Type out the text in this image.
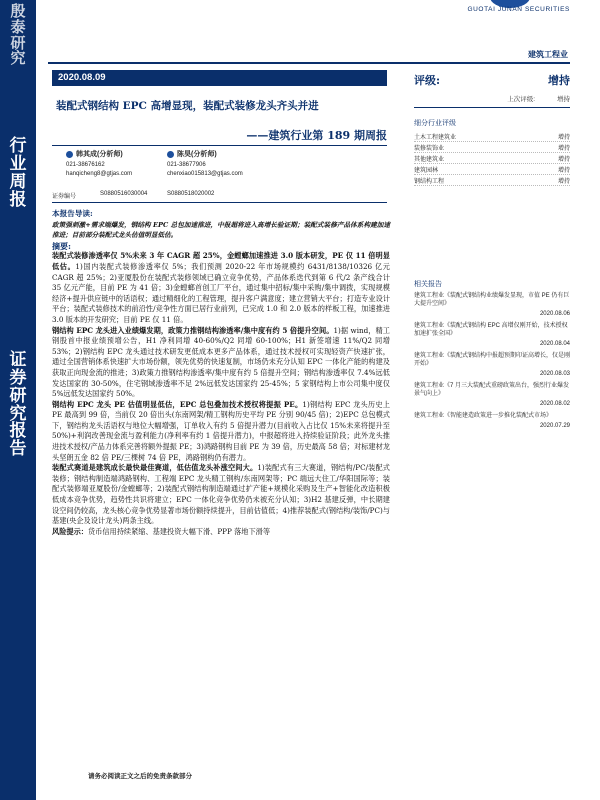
殷
泰
研
究
行
业
周
报
证
券
研
究
报
告
GUOTAI JUNAN SECURITIES
建筑工程业
2020.08.09
装配式钢结构 EPC 高增显现，装配式装修龙头齐头并进
——建筑行业第 189 期周报
韩其成(分析师)
021-38676162
hanqicheng8@gtjas.com
陈昊(分析师)
021-38677906
chenxiao015813@gtjas.com
证券编号	S0880516030004	S0880518020002
评级:	增持
上次评级:	增持
细分行业评级
土木工程建筑业	增持
装修装饰业	增持
其他建筑业	增持
建筑园林	增持
钢结构工程	增持
相关报告
建筑工程业《装配式钢结构业绩爆发显现，市值 PE 仍有巨大提升空间》
2020.08.06
建筑工程业《装配式钢结构 EPC 高增仅刚开始，技术授权加速扩张全国》
2020.08.04
建筑工程业《装配式钢结构中报超预期印证高增长，仅是刚开始》
2020.08.03
建筑工程业《7 月三大装配式重磅政策出台，强烈行业爆发景气向上》
2020.08.02
建筑工程业《智能建造政策进一步推化装配式市场》
2020.07.29
本报告导读:

政策强刺激+需求端爆发，钢结构 EPC 总包加速推进，中报超将进入高增长验证期；装配式装修产品体系构建加速推进；目前部分装配式龙头估值明显低估。

摘要:

装配式装修渗透率仅 5%未来 3 年 CAGR 超 25%，金螳螂加速推进 3.0 版本研发，PE 仅 11 倍明显低估。1)国内装配式装修渗透率仅 5%；我们预测 2020-22 年市场规模约 6431/8138/10326 亿元 CAGR 超 25%；2)亚厦股份在装配式装修领域已确立竞争优势，产品体系迭代到第 6 代/2 条产线合计 35 亿元产能，目前 PE 为 41 倍；3)金螳螂首创工厂平台，通过集中招标/集中采购/集中调拨，实现规模经济+提升供应链中的话语权；通过精细化的工程管理，提升客户满意度；建立营销大平台；打造专业设计平台；装配式装修技术的前沿性/竞争性方面已居行业前列，已完成 1.0 和 2.0 版本的样板工程，加速推进 3.0 版本的开发研究；目前 PE 仅 11 倍。

钢结构 EPC 龙头进入业绩爆发期，政策力推钢结构渗透率/集中度有约 5 倍提升空间。1)据 wind，精工钢股首中报业绩预增公告，H1 净利同增 40-60%/Q2 同增 60-100%；H1 新签增速 11%/Q2 同增 53%；2)钢结构 EPC 龙头通过技术研发更低成本更多产品体系，通过技术授权可实现轻资产快速扩张，通过全国营销体系快速扩大市场份额，领先优势的快速复制，市场仍未充分认知 EPC 一体化产能的构建及获取正向现金流的推进；3)政策力推钢结构渗透率/集中度有约 5 倍提升空间；钢结构渗透率仅 7.4%远低发达国家的 30-50%，住宅钢域渗透率不足 2%远低发达国家约 25-45%；5 家钢结构上市公司集中度仅 5%远低发达国家约 50%。

钢结构 EPC 龙头 PE 估值明显低估，EPC 总包叠加技术授权将提振 PE。1)钢结构 EPC 龙头历史上 PE 最高到 99 倍，当前仅 20 倍出头(东南网架/精工钢构历史平均 PE 分别 90/45 倍)；2)EPC 总包模式下，钢结构龙头活语权与地位大幅增强，订单收入有约 5 倍提升潜力(目前收入占比仅 15%未来将提升至 50%)+利润改善现金流与盈利能力(净利率有约 1 倍提升潜力)，中报超将进入持续验证阶段；此外龙头推进技术授权/产品力体系完善将额外提振 PE；3)鸿路钢构目前 PE 为 39 倍，历史最高 58 倍；对标建材龙头坚朗五金 82 倍 PE/三棵树 74 倍 PE，鸿路钢构仍有潜力。

装配式赛道是建筑成长最快最佳赛道，低估值龙头补涨空间大。1)装配式有三大赛道，钢结构/PC/装配式装修；钢结构制造端鸿路钢构、工程端 EPC 龙头精工钢构/东南网架等；PC 端远大住工/华阳国际等；装配式装修端亚厦股份/金螳螂等；2)装配式钢结构制造端通过扩产能+规模化采购及生产+智能化改造积极低成本竞争优势，趋势性共识将建立；EPC 一体化竞争优势仍未被充分认知；3)H2 基建反弹，中长期建设空间仍较高，龙头核心竞争优势显著市场份额持续提升，目前估值低；4)推荐装配式(钢结构/装饰/PC)与基建(央企及设计龙头)两条主线。

风险提示：货币信用持续紧缩、基建投资大幅下滑、PPP 落地下滑等

请务必阅读正文之后的免责条款部分
